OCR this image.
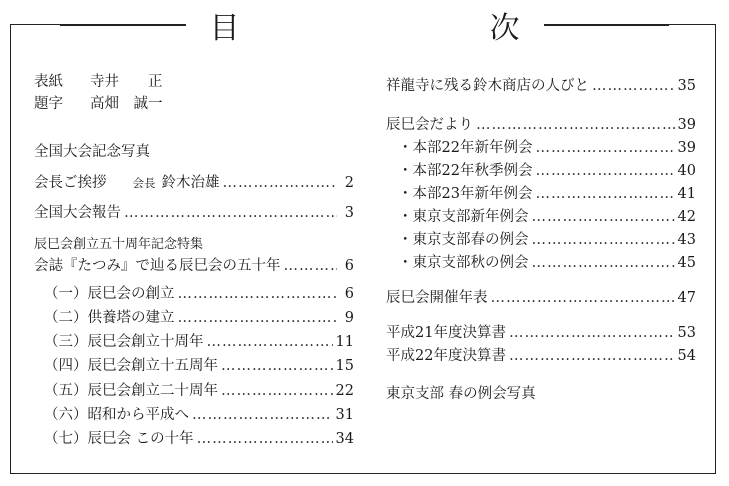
目　次
表紙	寺井　　正
題字	高畑　誠一
全国大会記念写真
会長ご挨拶 会長 鈴木治雄 ………………………………………………………………………………………………	2
全国大会報告 ………………………………………………………………………………………………	3
辰巳会創立五十周年記念特集
会誌『たつみ』で辿る辰巳会の五十年 ………………………………………………………………………………………………	6
（一）辰巳会の創立 ………………………………………………………………………………………………	6
（二）供養塔の建立 ………………………………………………………………………………………………	9
（三）辰巳会創立十周年 ………………………………………………………………………………………………	11
（四）辰巳会創立十五周年 ………………………………………………………………………………………………	15
（五）辰巳会創立二十周年 ………………………………………………………………………………………………	22
（六）昭和から平成へ ………………………………………………………………………………………………	31
（七）辰巳会 この十年 ………………………………………………………………………………………………	34
祥龍寺に残る鈴木商店の人びと ………………………………………………………………………………………………	35
辰巳会だより ………………………………………………………………………………………………	39
・本部22年新年例会 ………………………………………………………………………………………………	39
・本部22年秋季例会 ………………………………………………………………………………………………	40
・本部23年新年例会 ………………………………………………………………………………………………	41
・東京支部新年例会 ………………………………………………………………………………………………	42
・東京支部春の例会 ………………………………………………………………………………………………	43
・東京支部秋の例会 ………………………………………………………………………………………………	45
辰巳会開催年表 ………………………………………………………………………………………………	47
平成21年度決算書 ………………………………………………………………………………………………	53
平成22年度決算書 ………………………………………………………………………………………………	54
東京支部 春の例会写真
